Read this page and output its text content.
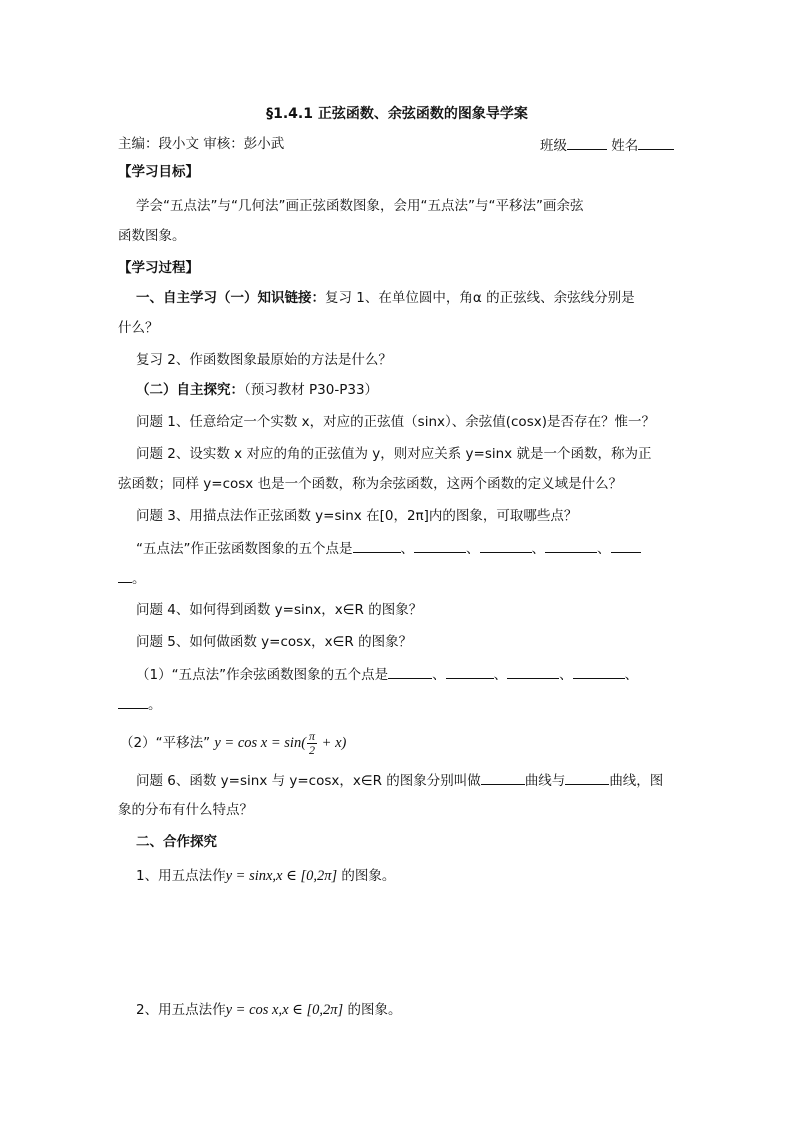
§1.4.1 正弦函数、余弦函数的图象导学案
主编：段小文 审核：彭小武	班级	姓名
【学习目标】
学会“五点法”与“几何法”画正弦函数图象，会用“五点法”与“平移法”画余弦
函数图象。
【学习过程】
一、自主学习（一）知识链接：复习 1、在单位圆中，角α 的正弦线、余弦线分别是
什么？
复习 2、作函数图象最原始的方法是什么？
（二）自主探究：（预习教材 P30-P33）
问题 1、任意给定一个实数 x，对应的正弦值（sinx）、余弦值(cosx)是否存在？惟一？
问题 2、设实数 x 对应的角的正弦值为 y，则对应关系 y=sinx 就是一个函数，称为正
弦函数；同样 y=cosx 也是一个函数，称为余弦函数，这两个函数的定义域是什么？
问题 3、用描点法作正弦函数 y=sinx 在[0，2π]内的图象，可取哪些点？
“五点法”作正弦函数图象的五个点是	、	、	、	、
。
问题 4、如何得到函数 y=sinx，x∈R 的图象？
问题 5、如何做函数 y=cosx，x∈R 的图象？
（1）“五点法”作余弦函数图象的五个点是	、	、	、	、
。
（2）“平移法” $y = \cos x = \sin( \frac{\pi}{2} + x)$
问题 6、函数 y=sinx 与 y=cosx，x∈R 的图象分别叫做	曲线与	曲线，图
象的分布有什么特点？
二、合作探究
1、用五点法作y = sinx,x ∈ [0,2π] 的图象。
2、用五点法作y = cos x,x ∈ [0,2π] 的图象。
